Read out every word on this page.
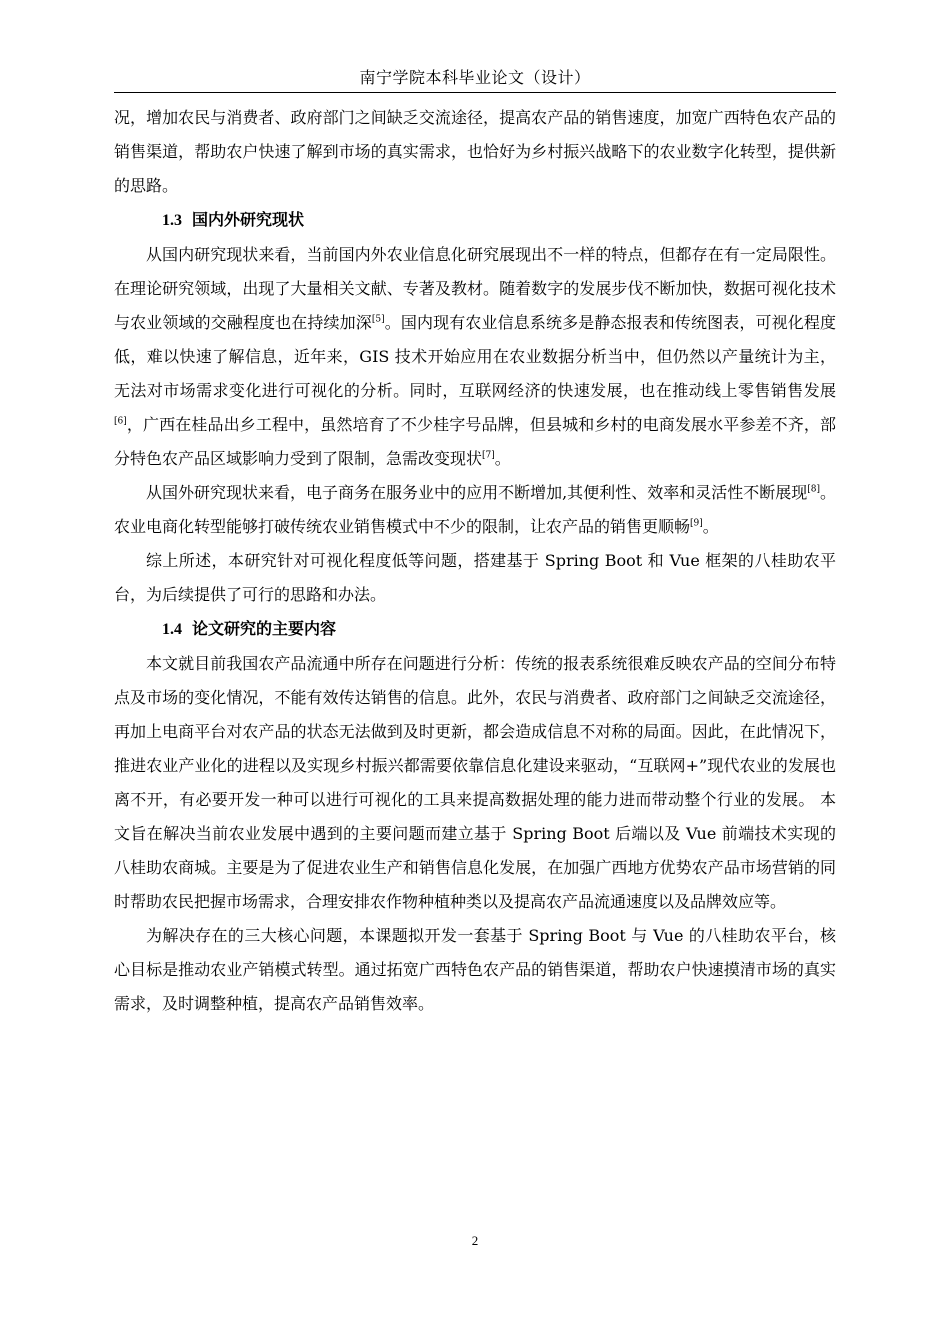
南宁学院本科毕业论文（设计）

况，增加农民与消费者、政府部门之间缺乏交流途径，提高农产品的销售速度，加宽广西特色农产品的销售渠道，帮助农户快速了解到市场的真实需求，也恰好为乡村振兴战略下的农业数字化转型，提供新的思路。

1.3 国内外研究现状

从国内研究现状来看，当前国内外农业信息化研究展现出不一样的特点，但都存在有一定局限性。在理论研究领域，出现了大量相关文献、专著及教材。随着数字的发展步伐不断加快，数据可视化技术与农业领域的交融程度也在持续加深[5]。国内现有农业信息系统多是静态报表和传统图表，可视化程度低，难以快速了解信息，近年来，GIS 技术开始应用在农业数据分析当中，但仍然以产量统计为主，无法对市场需求变化进行可视化的分析。同时，互联网经济的快速发展，也在推动线上零售销售发展[6]，广西在桂品出乡工程中，虽然培育了不少桂字号品牌，但县城和乡村的电商发展水平参差不齐，部分特色农产品区域影响力受到了限制，急需改变现状[7]。

从国外研究现状来看，电子商务在服务业中的应用不断增加,其便利性、效率和灵活性不断展现[8]。农业电商化转型能够打破传统农业销售模式中不少的限制，让农产品的销售更顺畅[9]。

综上所述，本研究针对可视化程度低等问题，搭建基于 Spring Boot 和 Vue 框架的八桂助农平台，为后续提供了可行的思路和办法。

1.4 论文研究的主要内容

本文就目前我国农产品流通中所存在问题进行分析：传统的报表系统很难反映农产品的空间分布特点及市场的变化情况，不能有效传达销售的信息。此外，农民与消费者、政府部门之间缺乏交流途径，再加上电商平台对农产品的状态无法做到及时更新，都会造成信息不对称的局面。因此，在此情况下，推进农业产业化的进程以及实现乡村振兴都需要依靠信息化建设来驱动，“互联网+”现代农业的发展也离不开，有必要开发一种可以进行可视化的工具来提高数据处理的能力进而带动整个行业的发展。 本文旨在解决当前农业发展中遇到的主要问题而建立基于 Spring Boot 后端以及 Vue 前端技术实现的八桂助农商城。主要是为了促进农业生产和销售信息化发展，在加强广西地方优势农产品市场营销的同时帮助农民把握市场需求，合理安排农作物种植种类以及提高农产品流通速度以及品牌效应等。

为解决存在的三大核心问题，本课题拟开发一套基于 Spring Boot 与 Vue 的八桂助农平台，核心目标是推动农业产销模式转型。通过拓宽广西特色农产品的销售渠道，帮助农户快速摸清市场的真实需求，及时调整种植，提高农产品销售效率。

2
